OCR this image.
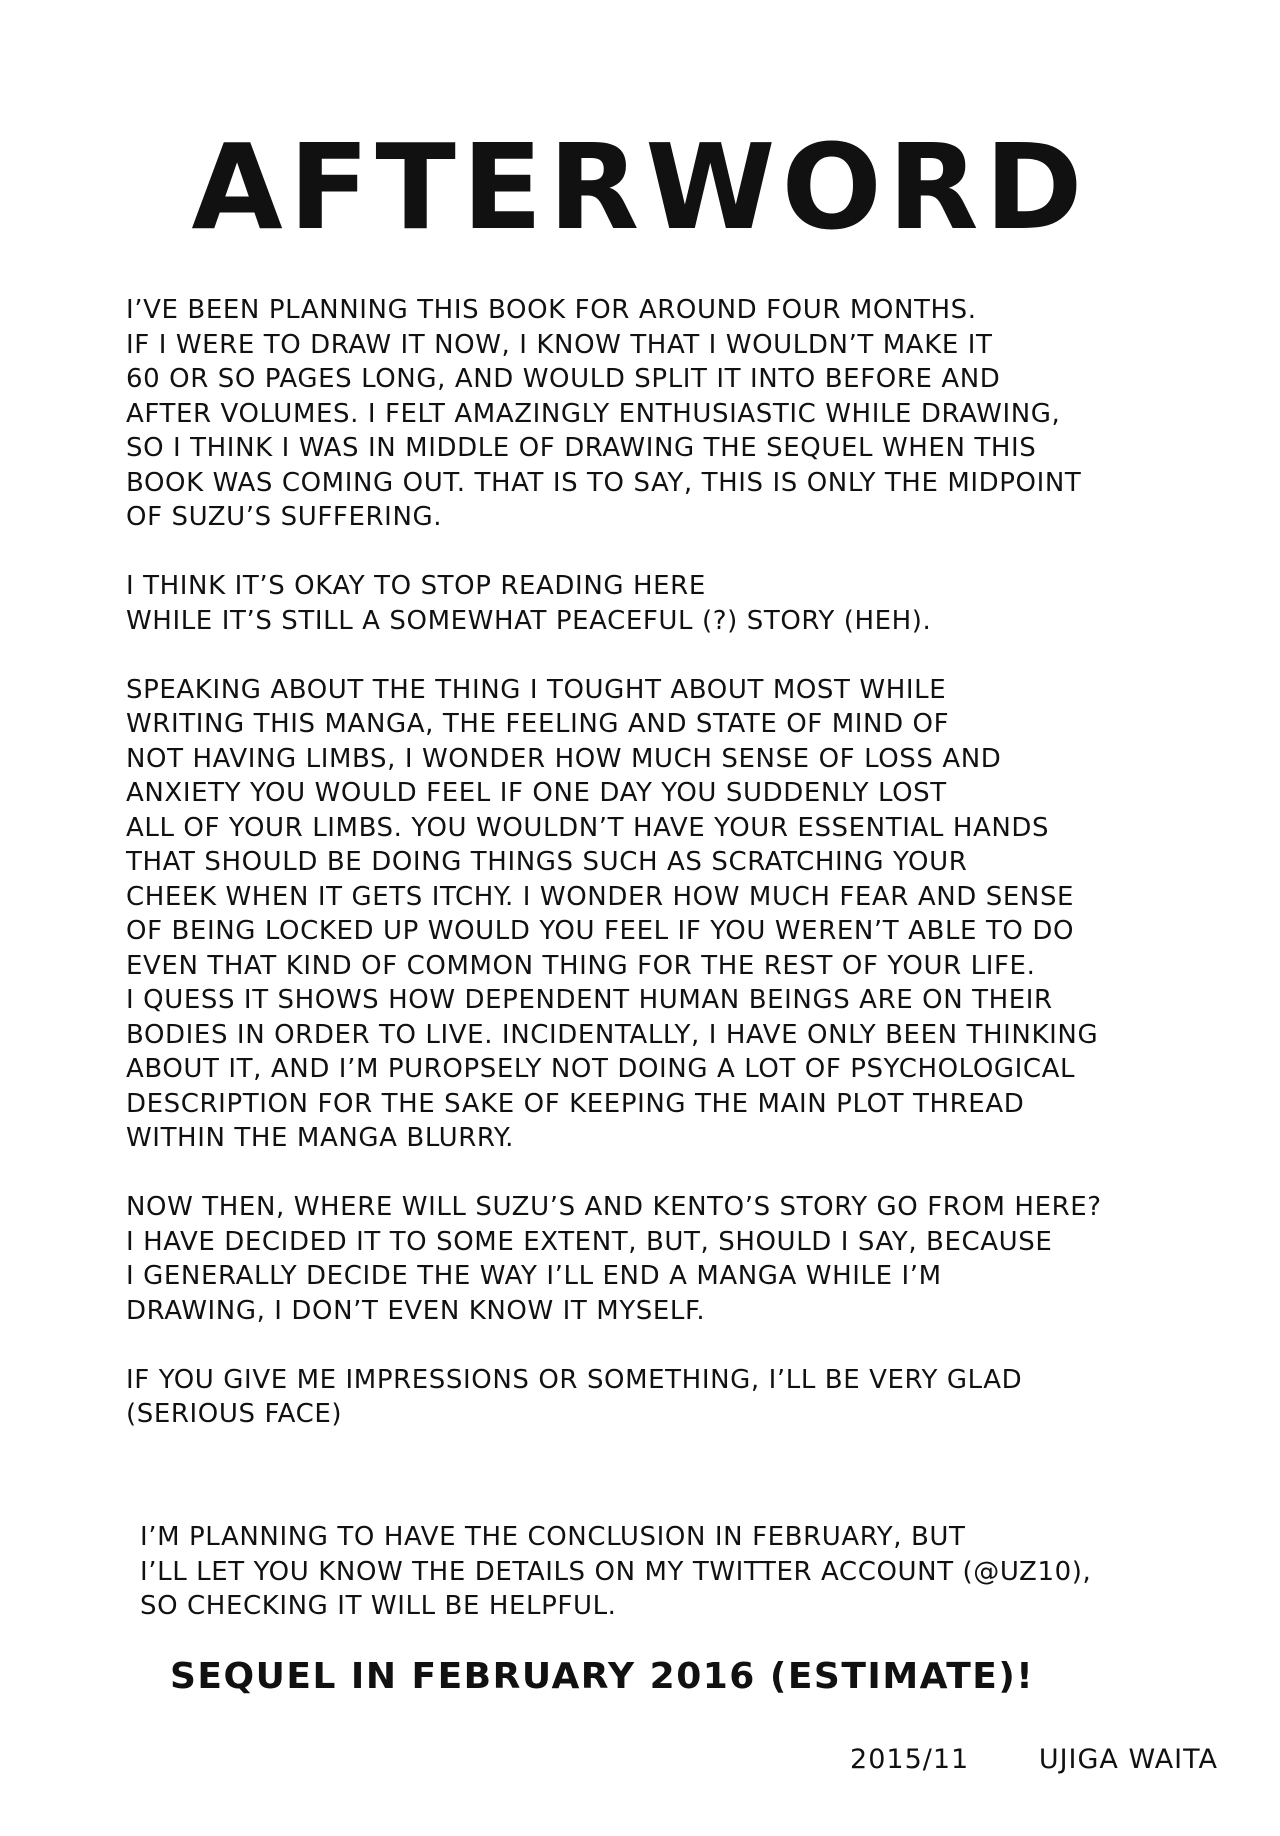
AFTERWORD
I’VE BEEN PLANNING THIS BOOK FOR AROUND FOUR MONTHS.
IF I WERE TO DRAW IT NOW, I KNOW THAT I WOULDN’T MAKE IT
60 OR SO PAGES LONG, AND WOULD SPLIT IT INTO BEFORE AND
AFTER VOLUMES. I FELT AMAZINGLY ENTHUSIASTIC WHILE DRAWING,
SO I THINK I WAS IN MIDDLE OF DRAWING THE SEQUEL WHEN THIS
BOOK WAS COMING OUT. THAT IS TO SAY, THIS IS ONLY THE MIDPOINT
OF SUZU’S SUFFERING.
I THINK IT’S OKAY TO STOP READING HERE
WHILE IT’S STILL A SOMEWHAT PEACEFUL (?) STORY (HEH).
SPEAKING ABOUT THE THING I TOUGHT ABOUT MOST WHILE
WRITING THIS MANGA, THE FEELING AND STATE OF MIND OF
NOT HAVING LIMBS, I WONDER HOW MUCH SENSE OF LOSS AND
ANXIETY YOU WOULD FEEL IF ONE DAY YOU SUDDENLY LOST
ALL OF YOUR LIMBS. YOU WOULDN’T HAVE YOUR ESSENTIAL HANDS
THAT SHOULD BE DOING THINGS SUCH AS SCRATCHING YOUR
CHEEK WHEN IT GETS ITCHY. I WONDER HOW MUCH FEAR AND SENSE
OF BEING LOCKED UP WOULD YOU FEEL IF YOU WEREN’T ABLE TO DO
EVEN THAT KIND OF COMMON THING FOR THE REST OF YOUR LIFE.
I QUESS IT SHOWS HOW DEPENDENT HUMAN BEINGS ARE ON THEIR
BODIES IN ORDER TO LIVE. INCIDENTALLY, I HAVE ONLY BEEN THINKING
ABOUT IT, AND I’M PUROPSELY NOT DOING A LOT OF PSYCHOLOGICAL
DESCRIPTION FOR THE SAKE OF KEEPING THE MAIN PLOT THREAD
WITHIN THE MANGA BLURRY.
NOW THEN, WHERE WILL SUZU’S AND KENTO’S STORY GO FROM HERE?
I HAVE DECIDED IT TO SOME EXTENT, BUT, SHOULD I SAY, BECAUSE
I GENERALLY DECIDE THE WAY I’LL END A MANGA WHILE I’M
DRAWING, I DON’T EVEN KNOW IT MYSELF.
IF YOU GIVE ME IMPRESSIONS OR SOMETHING, I’LL BE VERY GLAD
(SERIOUS FACE)
I’M PLANNING TO HAVE THE CONCLUSION IN FEBRUARY, BUT
I’LL LET YOU KNOW THE DETAILS ON MY TWITTER ACCOUNT (@UZ10),
SO CHECKING IT WILL BE HELPFUL.
SEQUEL IN FEBRUARY 2016 (ESTIMATE)!
2015/11	UJIGA WAITA
